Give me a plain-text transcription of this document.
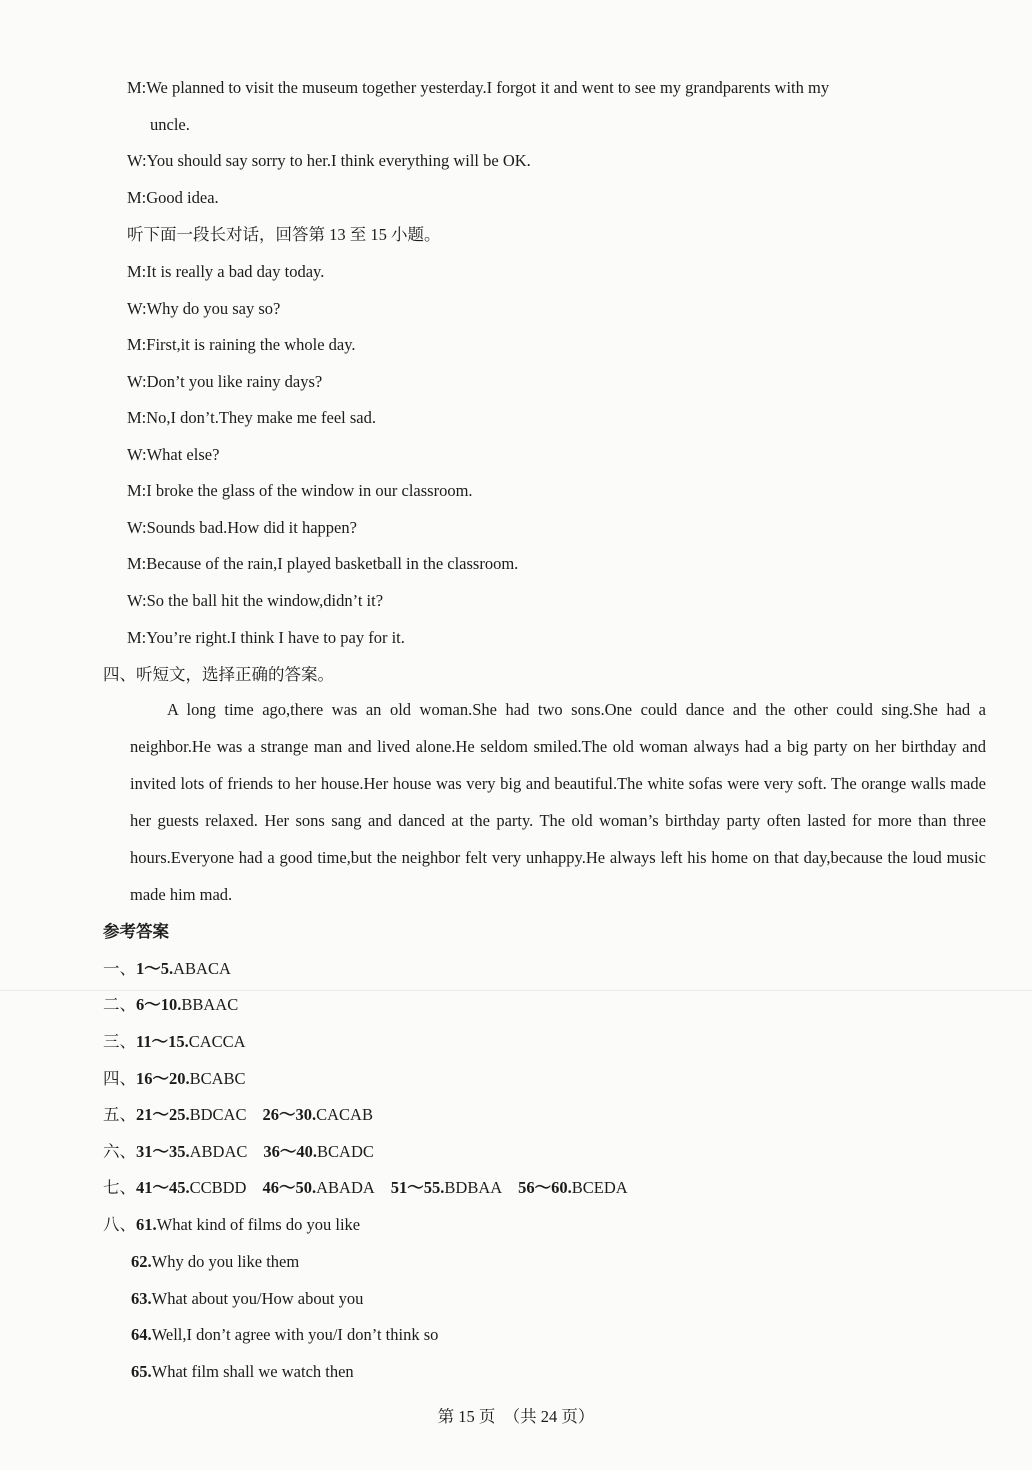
M:We planned to visit the museum together yesterday.I forgot it and went to see my grandparents with my
uncle.
W:You should say sorry to her.I think everything will be OK.
M:Good idea.
听下面一段长对话，回答第 13 至 15 小题。
M:It is really a bad day today.
W:Why do you say so?
M:First,it is raining the whole day.
W:Don’t you like rainy days?
M:No,I don’t.They make me feel sad.
W:What else?
M:I broke the glass of the window in our classroom.
W:Sounds bad.How did it happen?
M:Because of the rain,I played basketball in the classroom.
W:So the ball hit the window,didn’t it?
M:You’re right.I think I have to pay for it.
四、听短文，选择正确的答案。
A long time ago,there was an old woman.She had two sons.One could dance and the other could sing.She had a neighbor.He was a strange man and lived alone.He seldom smiled.The old woman always had a big party on her birthday and invited lots of friends to her house.Her house was very big and beautiful.The white sofas were very soft. The orange walls made her guests relaxed. Her sons sang and danced at the party. The old woman’s birthday party often lasted for more than three hours.Everyone had a good time,but the neighbor felt very unhappy.He always left his home on that day,because the loud music made him mad.
参考答案
一、1～5.ABACA
二、6～10.BBAAC
三、11～15.CACCA
四、16～20.BCABC
五、21～25.BDCAC 26～30.CACAB
六、31～35.ABDAC 36～40.BCADC
七、41～45.CCBDD 46～50.ABADA 51～55.BDBAA 56～60.BCEDA
八、61.What kind of films do you like
62.Why do you like them
63.What about you/How about you
64.Well,I don’t agree with you/I don’t think so
65.What film shall we watch then
第 15 页　（共 24 页）
